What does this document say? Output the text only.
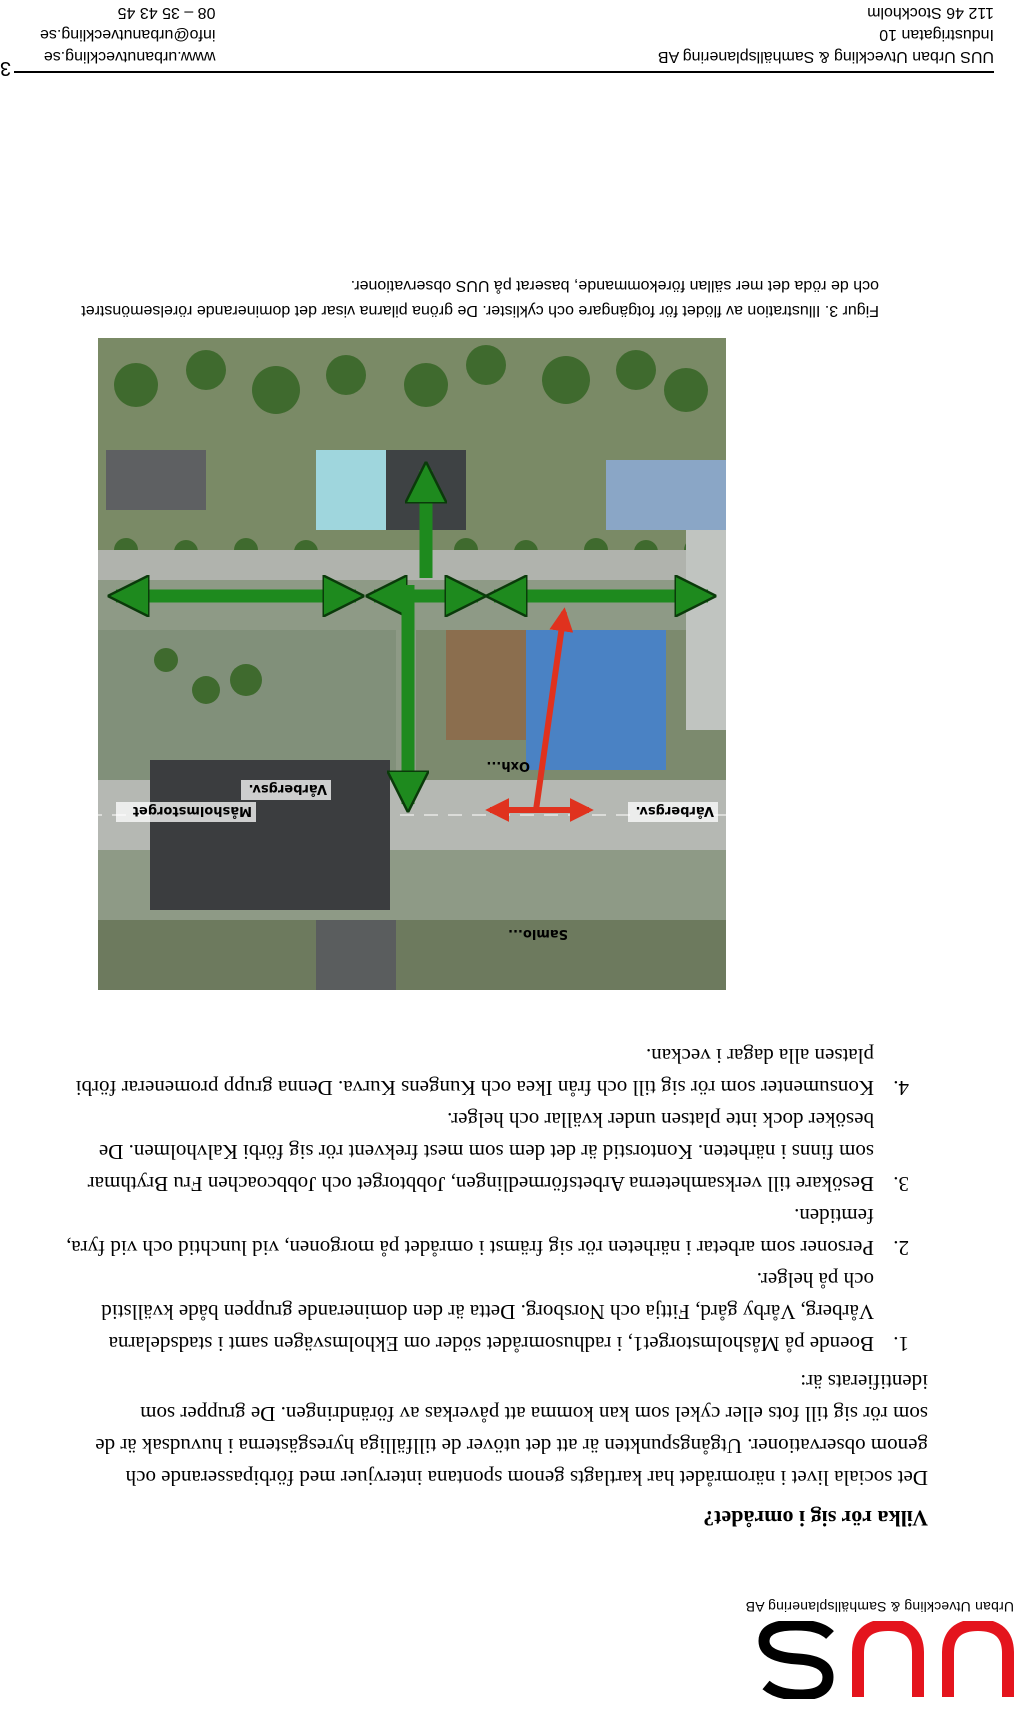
Urban Utveckling & Samhällsplanering AB
3
Vilka rör sig i området?
Det sociala livet i närområdet har kartlagts genom spontana intervjuer med förbipasserande och genom observationer. Utgångspunkten är att det utöver de tillfälliga hyresgästerna i huvudsak är de som rör sig till fots eller cykel som kan komma att påverkas av förändringen. De grupper som identifierats är:
1. Boende på Måsholmstorget1, i radhusområdet söder om Ekholmsvägen samt i stadsdelarna Vårberg, Vårby gård, Fittja och Norsborg. Detta är den dominerande gruppen både kvällstid och på helger.
2. Personer som arbetar i närheten rör sig främst i området på morgonen, vid lunchtid och vid fyra, femtiden.
3. Besökare till verksamheterna Arbetsförmedlingen, Jobbtorget och Jobbcoachen Fru Brythmar som finns i närheten. Kontorstid är det dem som mest frekvent rör sig förbi Kalvholmen. De besöker dock inte platsen under kvällar och helger.
4. Konsumenter som rör sig till och från Ikea och Kungens Kurva. Denna grupp promenerar förbi platsen alla dagar i veckan.
Vårbergsv.
Vårbergsv.
Måsholmstorget
Oxh...
Samlo...
Figur 3. Illustration av flödet för fotgängare och cyklister. De gröna pilarna visar det dominerande rörelsemönstret och de röda det mer sällan förekommande, baserat på UUS observationer.
UUS Urban Utveckling & Samhällsplanering AB
Industrigatan 10
112 46 Stockholm
www.urbanutveckling.se
info@urbanutveckling.se
08 – 35 43 45
